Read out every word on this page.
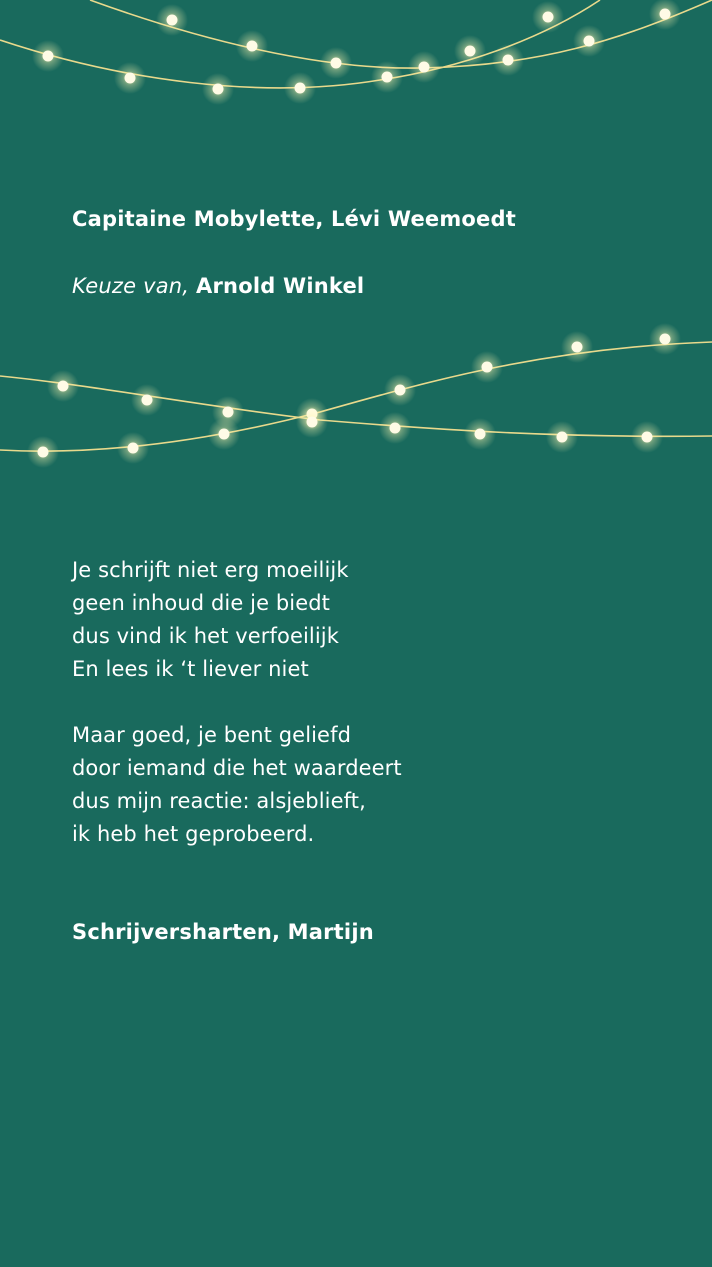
Capitaine Mobylette, Lévi Weemoedt
Keuze van, Arnold Winkel
Je schrijft niet erg moeilijk
geen inhoud die je biedt
dus vind ik het verfoeilijk
En lees ik ‘t liever niet
Maar goed, je bent geliefd
door iemand die het waardeert
dus mijn reactie: alsjeblieft,
ik heb het geprobeerd.
Schrijversharten, Martijn
